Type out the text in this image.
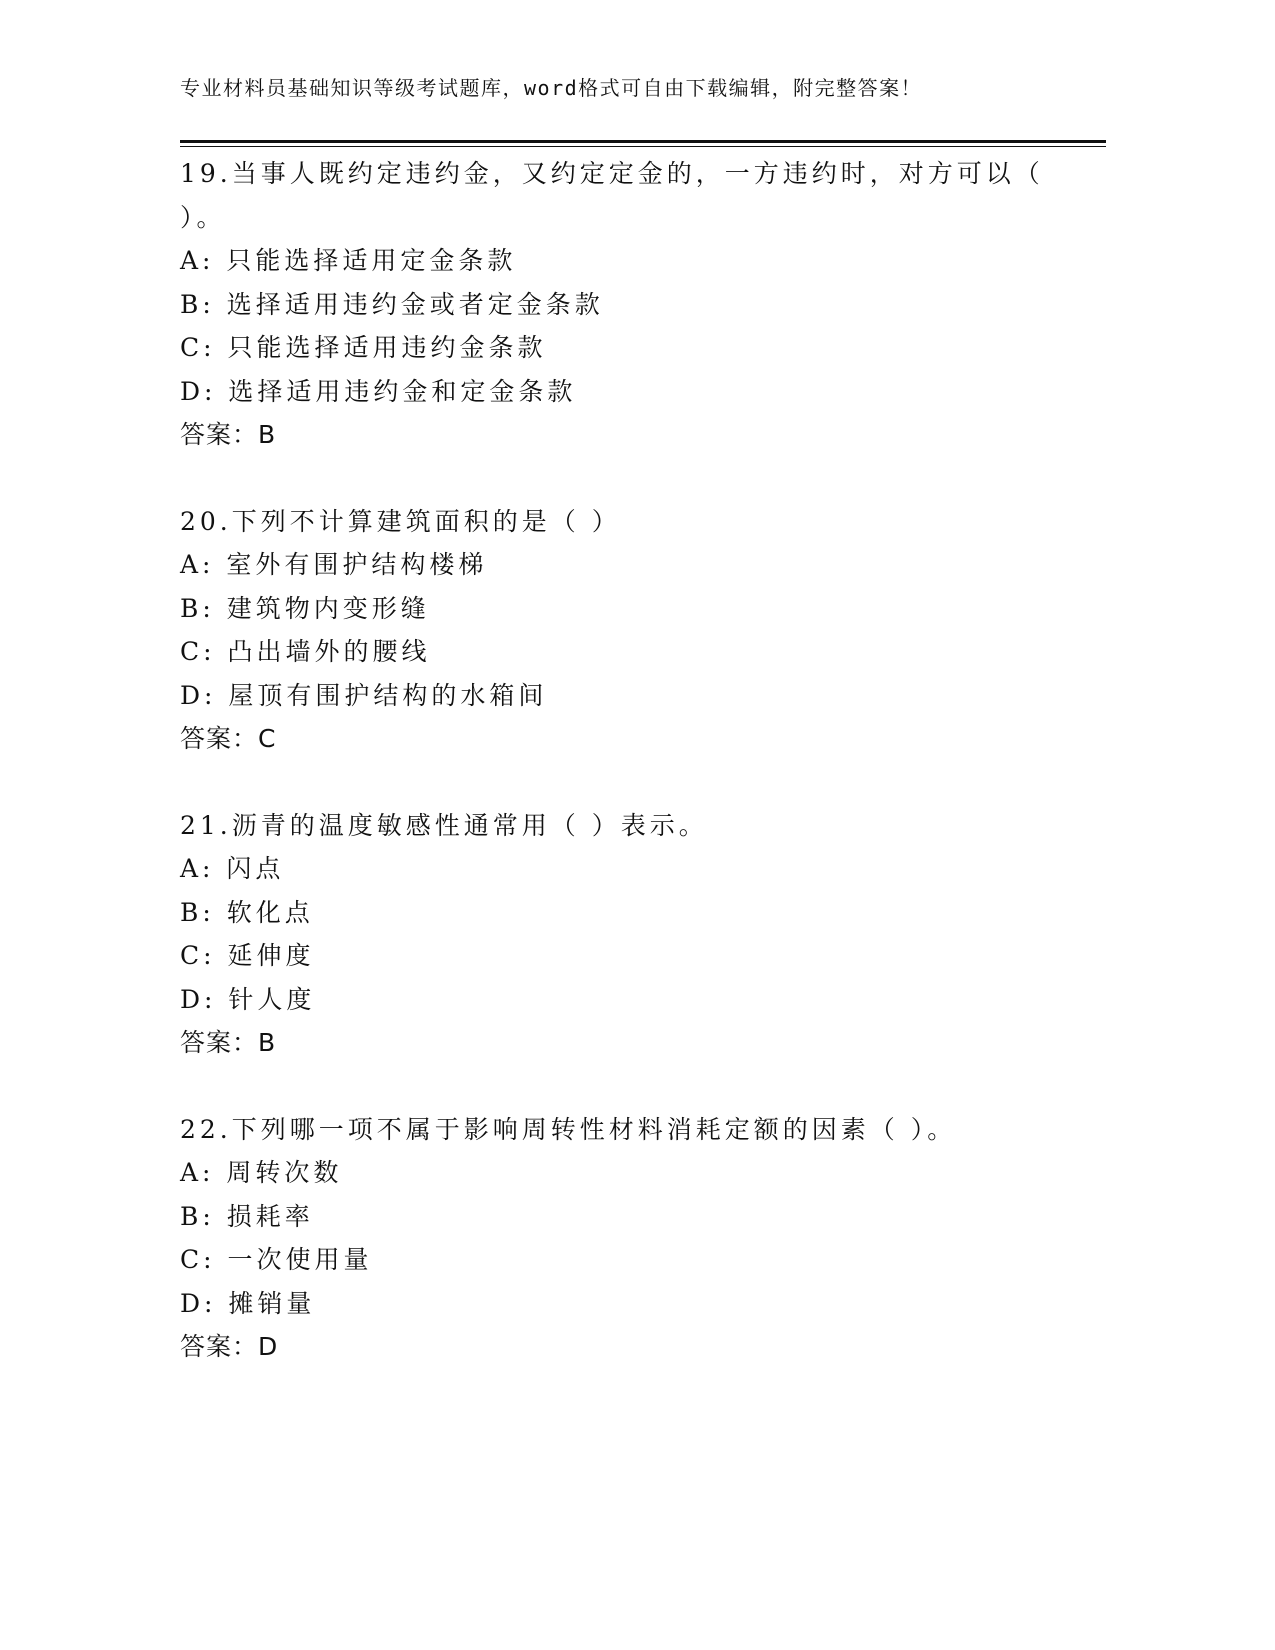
专业材料员基础知识等级考试题库，word格式可自由下载编辑，附完整答案！
19.当事人既约定违约金，又约定定金的，一方违约时，对方可以（
）。
A: 只能选择适用定金条款
B: 选择适用违约金或者定金条款
C: 只能选择适用违约金条款
D: 选择适用违约金和定金条款
答案：B
20.下列不计算建筑面积的是（ ）
A: 室外有围护结构楼梯
B: 建筑物内变形缝
C: 凸出墙外的腰线
D: 屋顶有围护结构的水箱间
答案：C
21.沥青的温度敏感性通常用（ ）表示。
A: 闪点
B: 软化点
C: 延伸度
D: 针人度
答案：B
22.下列哪一项不属于影响周转性材料消耗定额的因素（ ）。
A: 周转次数
B: 损耗率
C: 一次使用量
D: 摊销量
答案：D
